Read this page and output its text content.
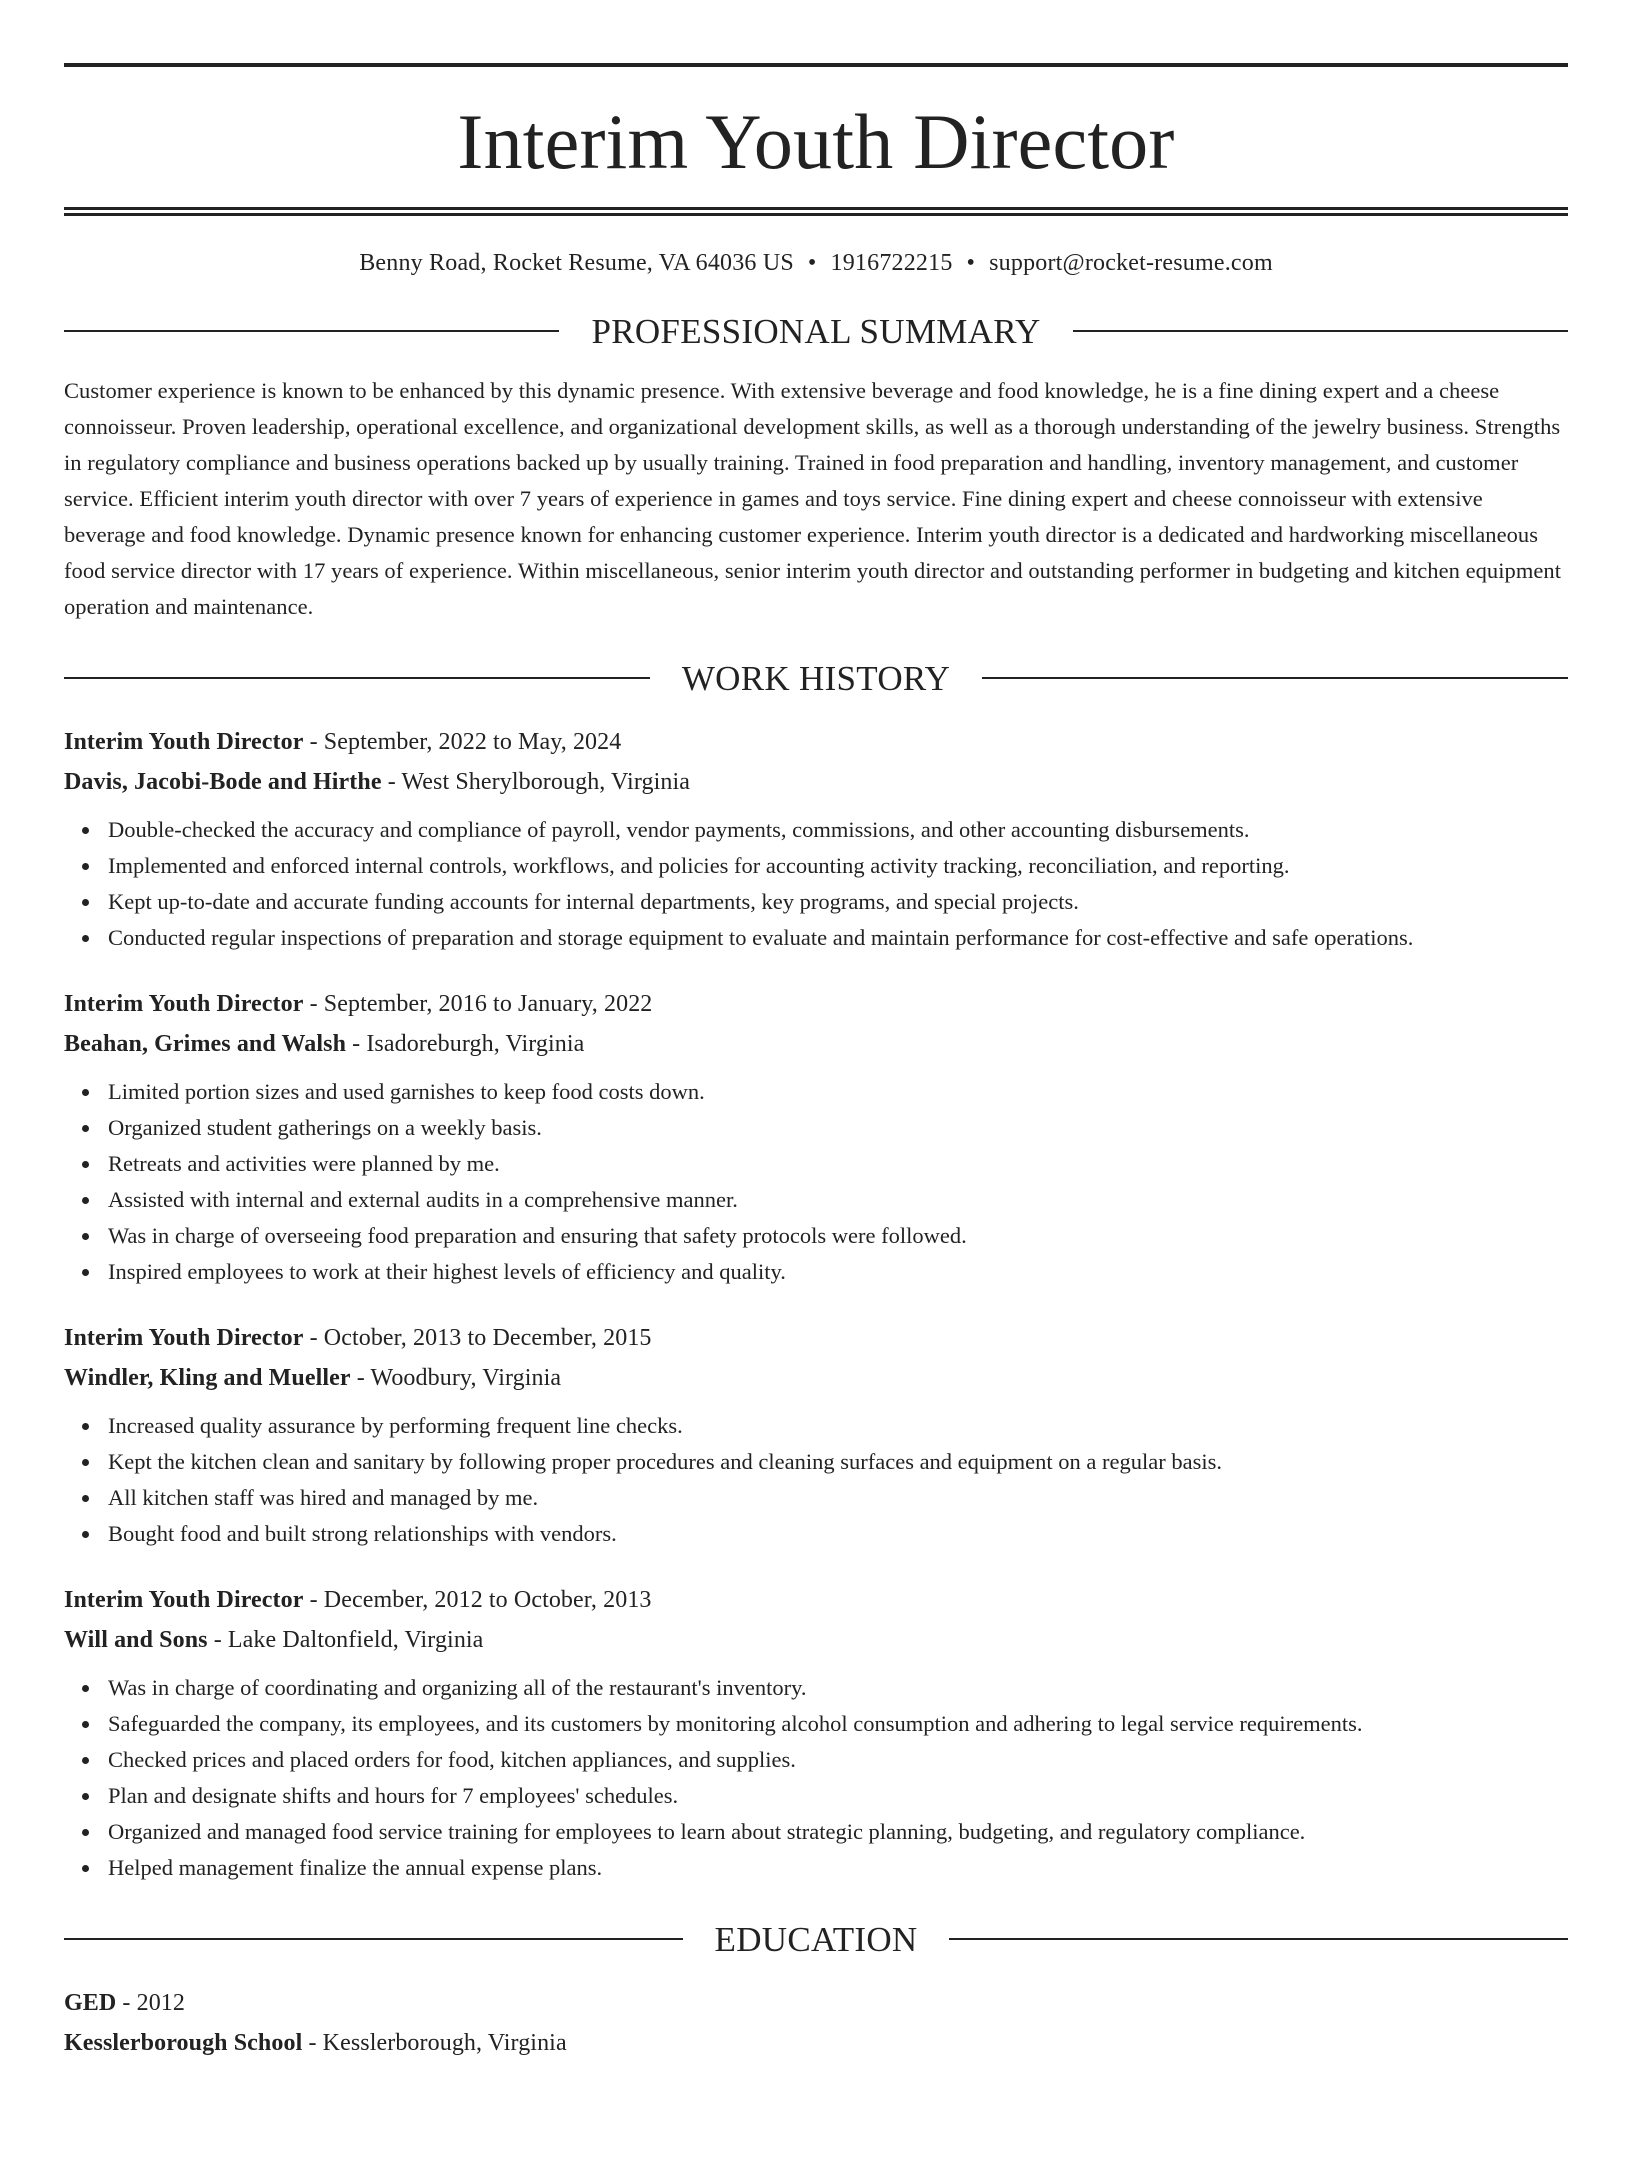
Interim Youth Director
Benny Road, Rocket Resume, VA 64036 US • 1916722215 • support@rocket-resume.com
PROFESSIONAL SUMMARY
Customer experience is known to be enhanced by this dynamic presence. With extensive beverage and food knowledge, he is a fine dining expert and a cheese connoisseur. Proven leadership, operational excellence, and organizational development skills, as well as a thorough understanding of the jewelry business. Strengths in regulatory compliance and business operations backed up by usually training. Trained in food preparation and handling, inventory management, and customer service. Efficient interim youth director with over 7 years of experience in games and toys service. Fine dining expert and cheese connoisseur with extensive beverage and food knowledge. Dynamic presence known for enhancing customer experience. Interim youth director is a dedicated and hardworking miscellaneous food service director with 17 years of experience. Within miscellaneous, senior interim youth director and outstanding performer in budgeting and kitchen equipment operation and maintenance.
WORK HISTORY
Interim Youth Director - September, 2022 to May, 2024
Davis, Jacobi-Bode and Hirthe - West Sherylborough, Virginia
Double-checked the accuracy and compliance of payroll, vendor payments, commissions, and other accounting disbursements.
Implemented and enforced internal controls, workflows, and policies for accounting activity tracking, reconciliation, and reporting.
Kept up-to-date and accurate funding accounts for internal departments, key programs, and special projects.
Conducted regular inspections of preparation and storage equipment to evaluate and maintain performance for cost-effective and safe operations.
Interim Youth Director - September, 2016 to January, 2022
Beahan, Grimes and Walsh - Isadoreburgh, Virginia
Limited portion sizes and used garnishes to keep food costs down.
Organized student gatherings on a weekly basis.
Retreats and activities were planned by me.
Assisted with internal and external audits in a comprehensive manner.
Was in charge of overseeing food preparation and ensuring that safety protocols were followed.
Inspired employees to work at their highest levels of efficiency and quality.
Interim Youth Director - October, 2013 to December, 2015
Windler, Kling and Mueller - Woodbury, Virginia
Increased quality assurance by performing frequent line checks.
Kept the kitchen clean and sanitary by following proper procedures and cleaning surfaces and equipment on a regular basis.
All kitchen staff was hired and managed by me.
Bought food and built strong relationships with vendors.
Interim Youth Director - December, 2012 to October, 2013
Will and Sons - Lake Daltonfield, Virginia
Was in charge of coordinating and organizing all of the restaurant's inventory.
Safeguarded the company, its employees, and its customers by monitoring alcohol consumption and adhering to legal service requirements.
Checked prices and placed orders for food, kitchen appliances, and supplies.
Plan and designate shifts and hours for 7 employees' schedules.
Organized and managed food service training for employees to learn about strategic planning, budgeting, and regulatory compliance.
Helped management finalize the annual expense plans.
EDUCATION
GED - 2012
Kesslerborough School - Kesslerborough, Virginia
